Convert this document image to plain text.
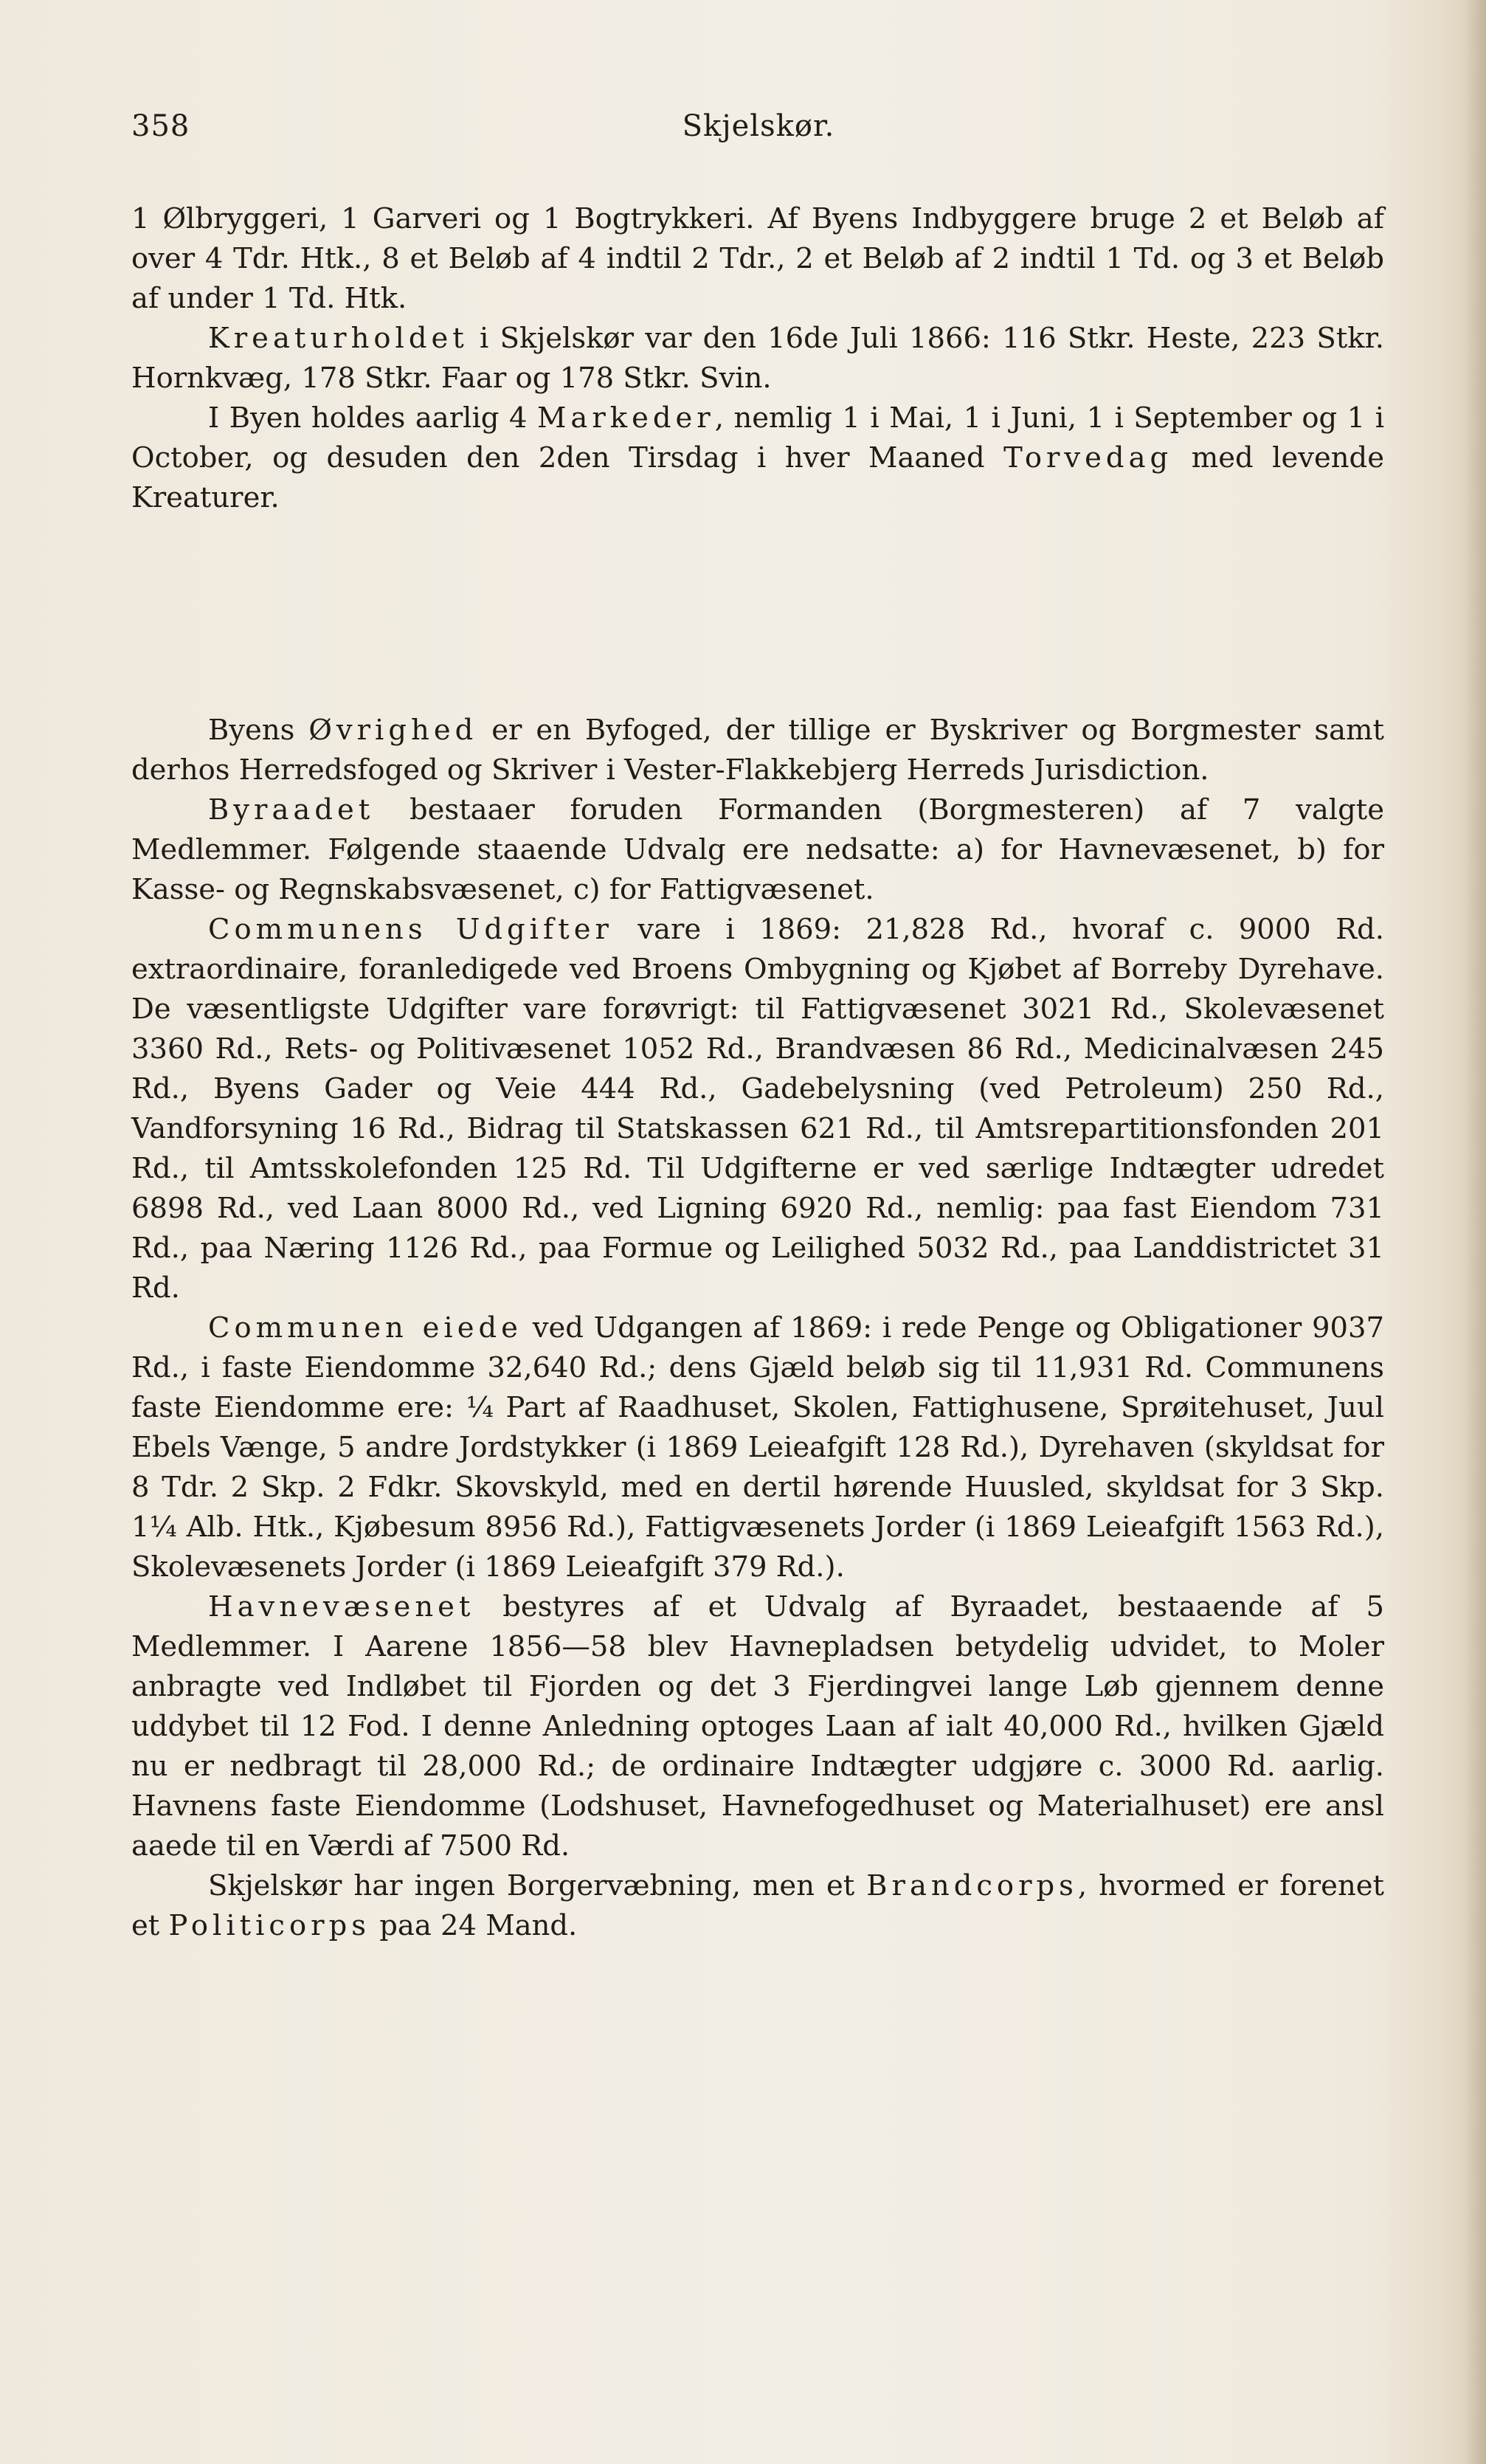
Skjelskør.
358

1 Ølbryggeri, 1 Garveri og 1 Bogtrykkeri. Af Byens Indbyggere bruge 2 et Beløb af over 4 Tdr. Htk., 8 et Beløb af 4 indtil 2 Tdr., 2 et Beløb af 2 indtil 1 Td. og 3 et Beløb af under 1 Td. Htk.

Kreaturholdet i Skjelskør var den 16de Juli 1866: 116 Stkr. Heste, 223 Stkr. Hornkvæg, 178 Stkr. Faar og 178 Stkr. Svin.

I Byen holdes aarlig 4 Markeder, nemlig 1 i Mai, 1 i Juni, 1 i September og 1 i October, og desuden den 2den Tirsdag i hver Maaned Torvedag med levende Kreaturer.

Byens Øvrighed er en Byfoged, der tillige er Byskriver og Borgmester samt derhos Herredsfoged og Skriver i Vester-Flakkebjerg Herreds Jurisdiction.

Byraadet bestaaer foruden Formanden (Borgmesteren) af 7 valgte Medlemmer. Følgende staaende Udvalg ere nedsatte: a) for Havnevæsenet, b) for Kasse- og Regnskabsvæsenet, c) for Fattigvæsenet.

Communens Udgifter vare i 1869: 21,828 Rd., hvoraf c. 9000 Rd. extraordinaire, foranledigede ved Broens Ombygning og Kjøbet af Borreby Dyrehave. De væsentligste Udgifter vare forøvrigt: til Fattigvæsenet 3021 Rd., Skolevæsenet 3360 Rd., Rets- og Politivæsenet 1052 Rd., Brandvæsen 86 Rd., Medicinalvæsen 245 Rd., Byens Gader og Veie 444 Rd., Gadebelysning (ved Petroleum) 250 Rd., Vandforsyning 16 Rd., Bidrag til Statskassen 621 Rd., til Amtsrepartitionsfonden 201 Rd., til Amtsskolefonden 125 Rd. Til Udgifterne er ved særlige Indtægter udredet 6898 Rd., ved Laan 8000 Rd., ved Ligning 6920 Rd., nemlig: paa fast Eiendom 731 Rd., paa Næring 1126 Rd., paa Formue og Leilighed 5032 Rd., paa Landdistrictet 31 Rd.

Communen eiede ved Udgangen af 1869: i rede Penge og Obligationer 9037 Rd., i faste Eiendomme 32,640 Rd.; dens Gjæld beløb sig til 11,931 Rd. Communens faste Eiendomme ere: ¼ Part af Raadhuset, Skolen, Fattighusene, Sprøitehuset, Juul Ebels Vænge, 5 andre Jordstykker (i 1869 Leieafgift 128 Rd.), Dyrehaven (skyldsat for 8 Tdr. 2 Skp. 2 Fdkr. Skovskyld, med en dertil hørende Huusled, skyldsat for 3 Skp. 1¼ Alb. Htk., Kjøbesum 8956 Rd.), Fattigvæsenets Jorder (i 1869 Leieafgift 1563 Rd.), Skolevæsenets Jorder (i 1869 Leieafgift 379 Rd.).

Havnevæsenet bestyres af et Udvalg af Byraadet, bestaaende af 5 Medlemmer. I Aarene 1856—58 blev Havnepladsen betydelig udvidet, to Moler anbragte ved Indløbet til Fjorden og det 3 Fjerdingvei lange Løb gjennem denne uddybet til 12 Fod. I denne Anledning optoges Laan af ialt 40,000 Rd., hvilken Gjæld nu er nedbragt til 28,000 Rd.; de ordinaire Indtægter udgjøre c. 3000 Rd. aarlig. Havnens faste Eiendomme (Lodshuset, Havnefogedhuset og Materialhuset) ere ansl​aaede til en Værdi af 7500 Rd.

Skjelskør har ingen Borgervæbning, men et Brandcorps, hvormed er forenet et Politicorps paa 24 Mand.
